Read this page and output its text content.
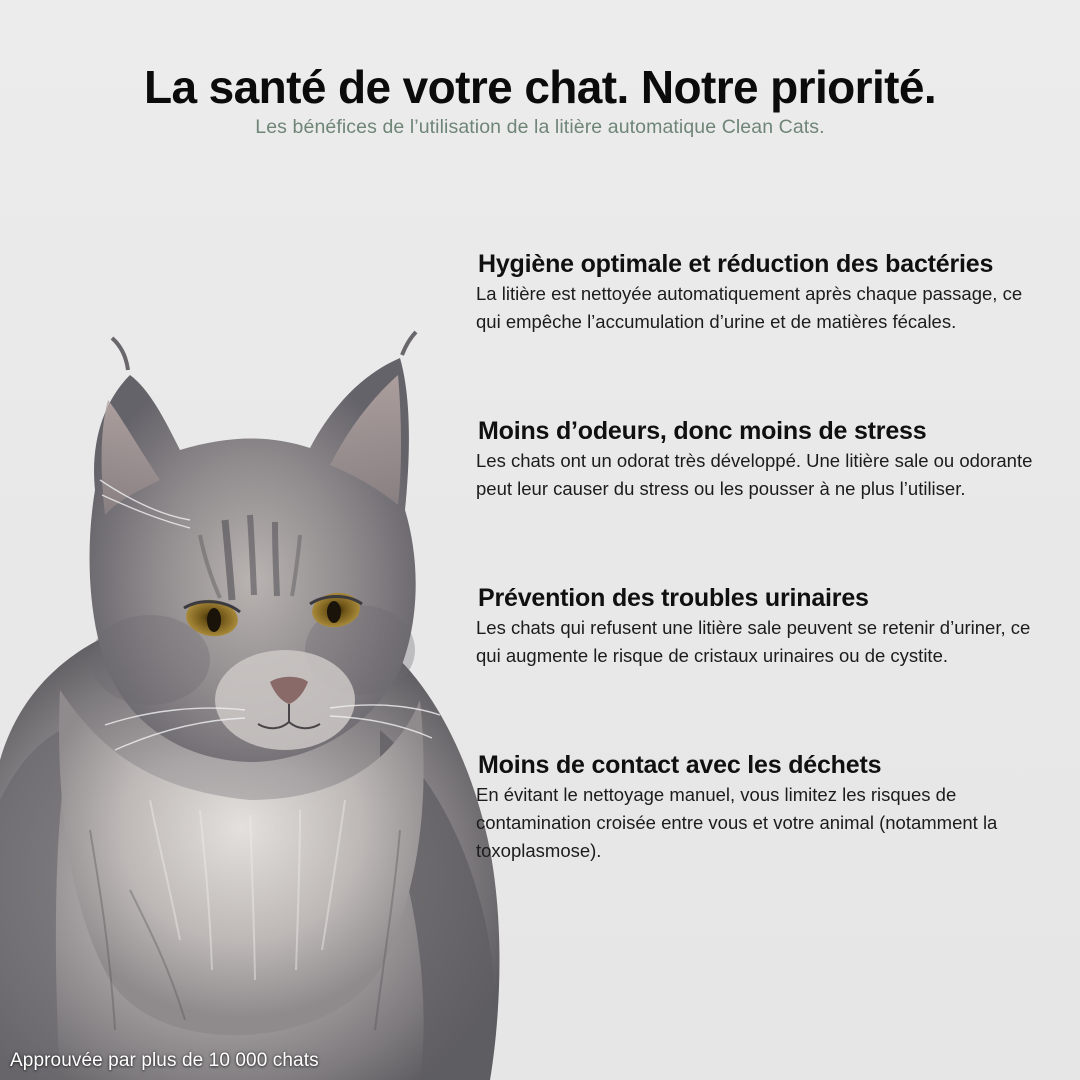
La santé de votre chat. Notre priorité.

Les bénéfices de l’utilisation de la litière automatique Clean Cats.

Hygiène optimale et réduction des bactéries

La litière est nettoyée automatiquement après chaque passage, ce qui empêche l’accumulation d’urine et de matières fécales.

Moins d’odeurs, donc moins de stress

Les chats ont un odorat très développé. Une litière sale ou odorante peut leur causer du stress ou les pousser à ne plus l’utiliser.

Prévention des troubles urinaires

Les chats qui refusent une litière sale peuvent se retenir d’uriner, ce qui augmente le risque de cristaux urinaires ou de cystite.

Moins de contact avec les déchets

En évitant le nettoyage manuel, vous limitez les risques de contamination croisée entre vous et votre animal (notamment la toxoplasmose).

Approuvée par plus de 10 000 chats
